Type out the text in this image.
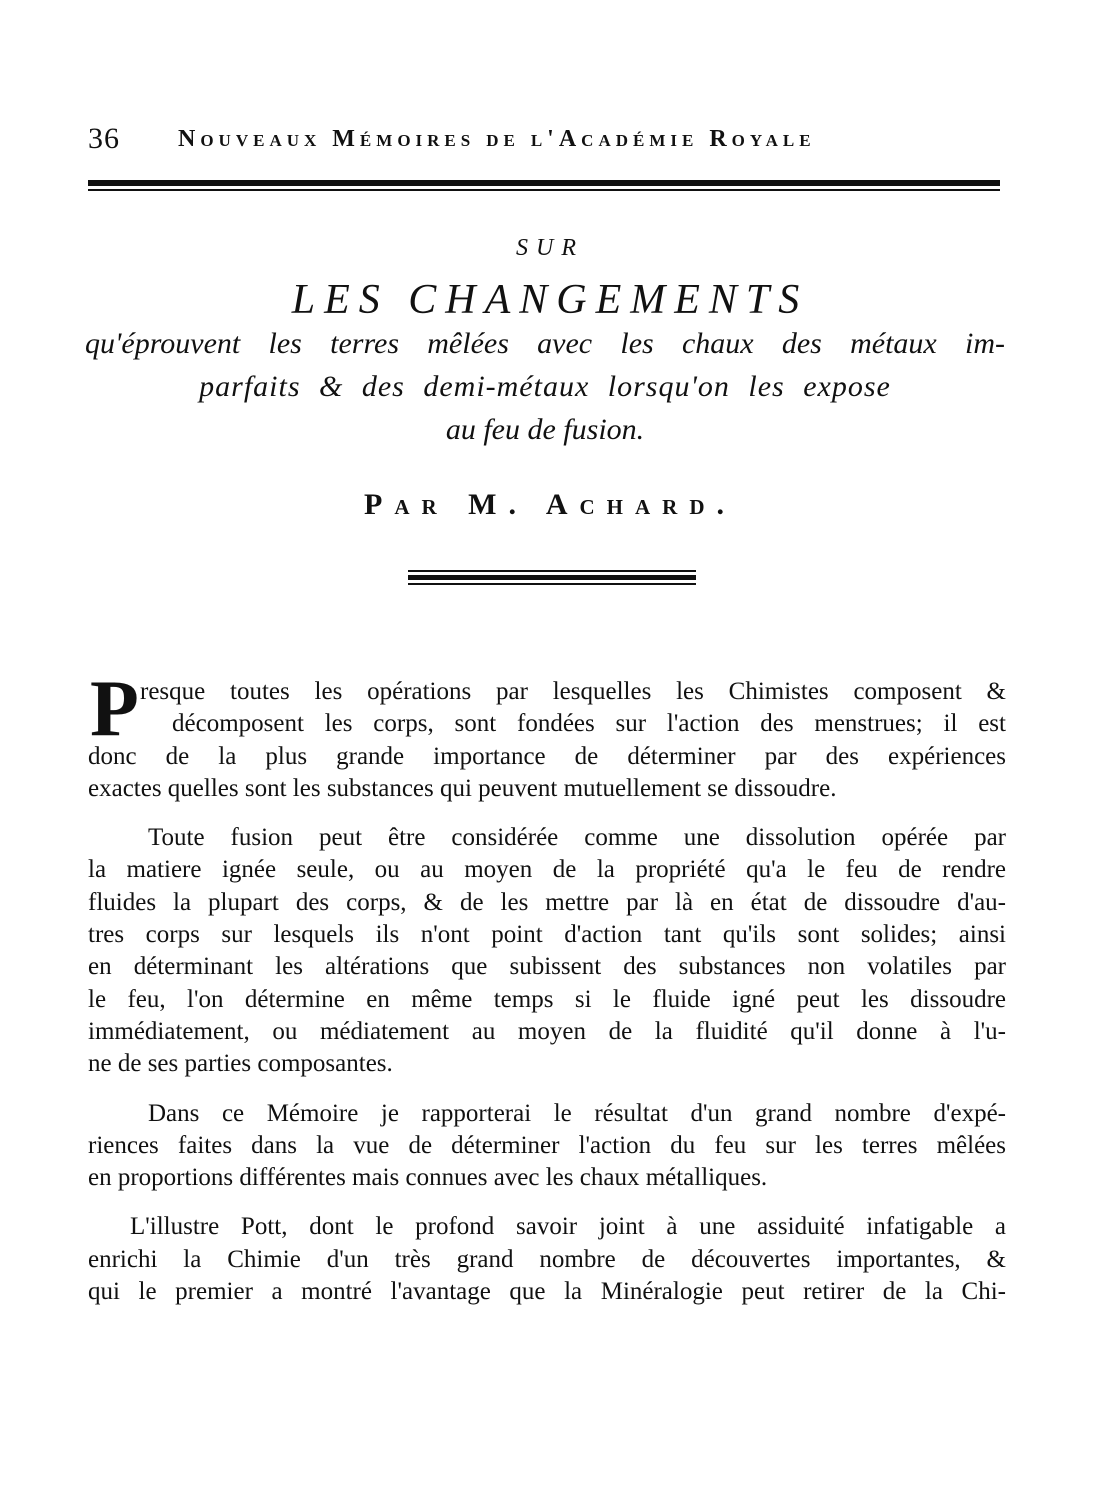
36 Nouveaux Mémoires de l'Académie Royale
SUR
LES CHANGEMENTS
qu'éprouvent les terres mêlées avec les chaux des métaux im-
parfaits & des demi-métaux lorsqu'on les expose
au feu de fusion.
Par M. Achard.
P resque toutes les opérations par lesquelles les Chimistes composent &
décomposent les corps, sont fondées sur l'action des menstrues; il est
donc de la plus grande importance de déterminer par des expériences
exactes quelles sont les substances qui peuvent mutuellement se dissoudre.
Toute fusion peut être considérée comme une dissolution opérée par
la matiere ignée seule, ou au moyen de la propriété qu'a le feu de rendre
fluides la plupart des corps, & de les mettre par là en état de dissoudre d'au-
tres corps sur lesquels ils n'ont point d'action tant qu'ils sont solides; ainsi
en déterminant les altérations que subissent des substances non volatiles par
le feu, l'on détermine en même temps si le fluide igné peut les dissoudre
immédiatement, ou médiatement au moyen de la fluidité qu'il donne à l'u-
ne de ses parties composantes.
Dans ce Mémoire je rapporterai le résultat d'un grand nombre d'expé-
riences faites dans la vue de déterminer l'action du feu sur les terres mêlées
en proportions différentes mais connues avec les chaux métalliques.
L'illustre Pott, dont le profond savoir joint à une assiduité infatigable a
enrichi la Chimie d'un très grand nombre de découvertes importantes, &
qui le premier a montré l'avantage que la Minéralogie peut retirer de la Chi-
